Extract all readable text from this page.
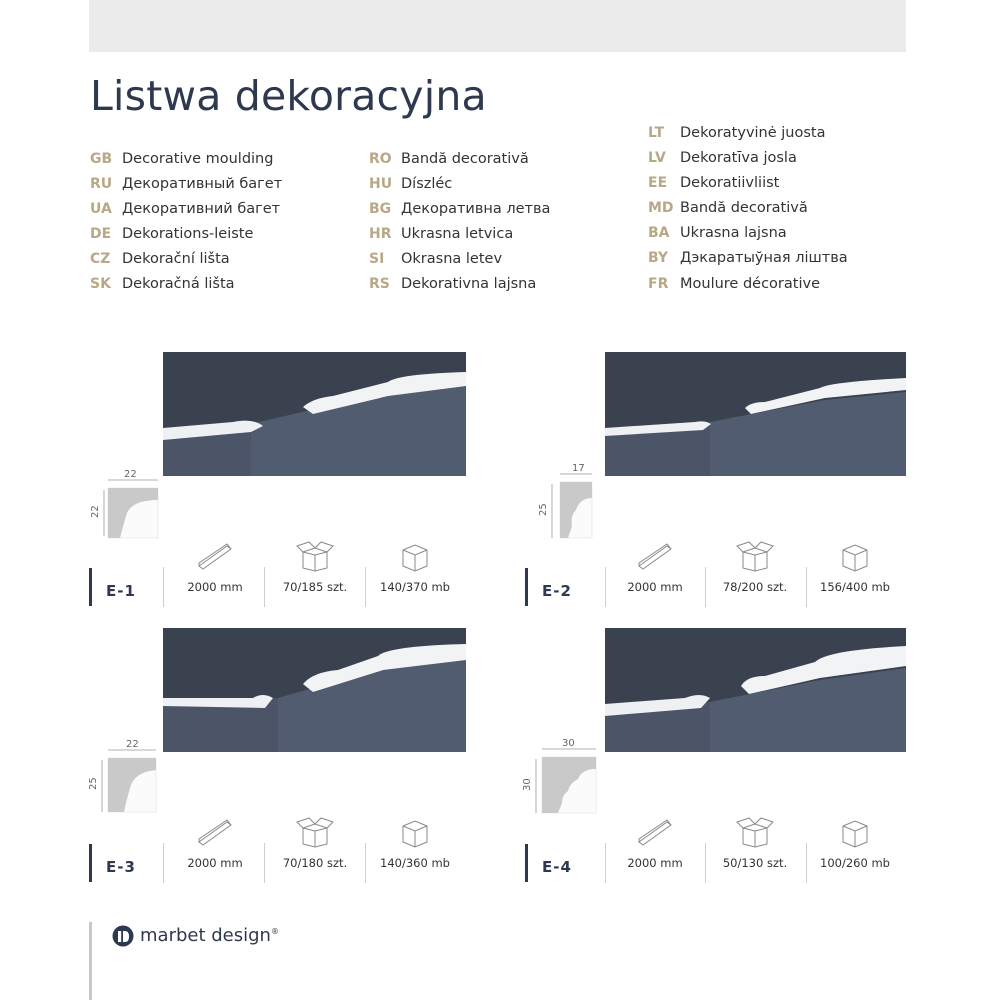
Listwa dekoracyjna
GB Decorative moulding
RU Декоративный багет
UA Декоративний багет
DE Dekorations-leiste
CZ Dekorační lišta
SK Dekoračná lišta
RO Bandă decorativă
HU Díszléc
BG Декоративна летва
HR Ukrasna letvica
SI Okrasna letev
RS Dekorativna lajsna
LT Dekoratyvinė juosta
LV Dekoratīva josla
EE Dekoratiivliist
MD Bandă decorativă
BA Ukrasna lajsna
BY Дэкаратыўная ліштва
FR Moulure décorative
22
22
E-1	2000 mm	70/185 szt.	140/370 mb
17
25
E-2	2000 mm	78/200 szt.	156/400 mb
22
25
E-3	2000 mm	70/180 szt.	140/360 mb
30
30
E-4	2000 mm	50/130 szt.	100/260 mb
marbet design®
